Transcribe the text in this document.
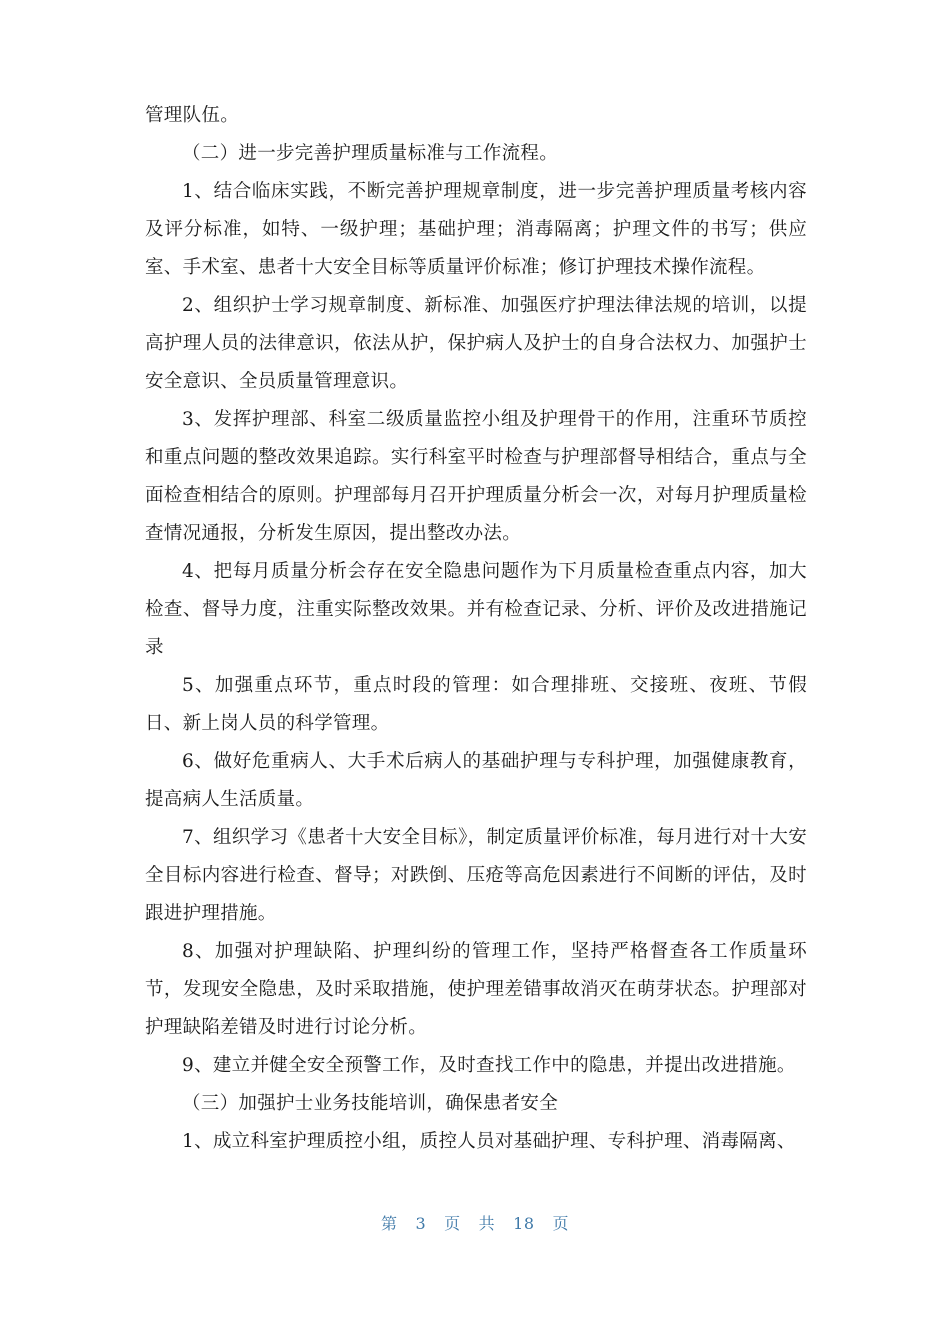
管理队伍。

（二）进一步完善护理质量标准与工作流程。

1、结合临床实践，不断完善护理规章制度，进一步完善护理质量考核内容及评分标准，如特、一级护理；基础护理；消毒隔离；护理文件的书写；供应室、手术室、患者十大安全目标等质量评价标准；修订护理技术操作流程。

2、组织护士学习规章制度、新标准、加强医疗护理法律法规的培训，以提高护理人员的法律意识，依法从护，保护病人及护士的自身合法权力、加强护士安全意识、全员质量管理意识。

3、发挥护理部、科室二级质量监控小组及护理骨干的作用，注重环节质控和重点问题的整改效果追踪。实行科室平时检查与护理部督导相结合，重点与全面检查相结合的原则。护理部每月召开护理质量分析会一次，对每月护理质量检查情况通报，分析发生原因，提出整改办法。

4、把每月质量分析会存在安全隐患问题作为下月质量检查重点内容，加大检查、督导力度，注重实际整改效果。并有检查记录、分析、评价及改进措施记录

5、加强重点环节，重点时段的管理：如合理排班、交接班、夜班、节假日、新上岗人员的科学管理。

6、做好危重病人、大手术后病人的基础护理与专科护理，加强健康教育，提高病人生活质量。

7、组织学习《患者十大安全目标》，制定质量评价标准，每月进行对十大安全目标内容进行检查、督导；对跌倒、压疮等高危因素进行不间断的评估，及时跟进护理措施。

8、加强对护理缺陷、护理纠纷的管理工作，坚持严格督查各工作质量环节，发现安全隐患，及时采取措施，使护理差错事故消灭在萌芽状态。护理部对护理缺陷差错及时进行讨论分析。

9、建立并健全安全预警工作，及时查找工作中的隐患，并提出改进措施。

（三）加强护士业务技能培训，确保患者安全

1、成立科室护理质控小组，质控人员对基础护理、专科护理、消毒隔离、

第 3 页 共 18 页
